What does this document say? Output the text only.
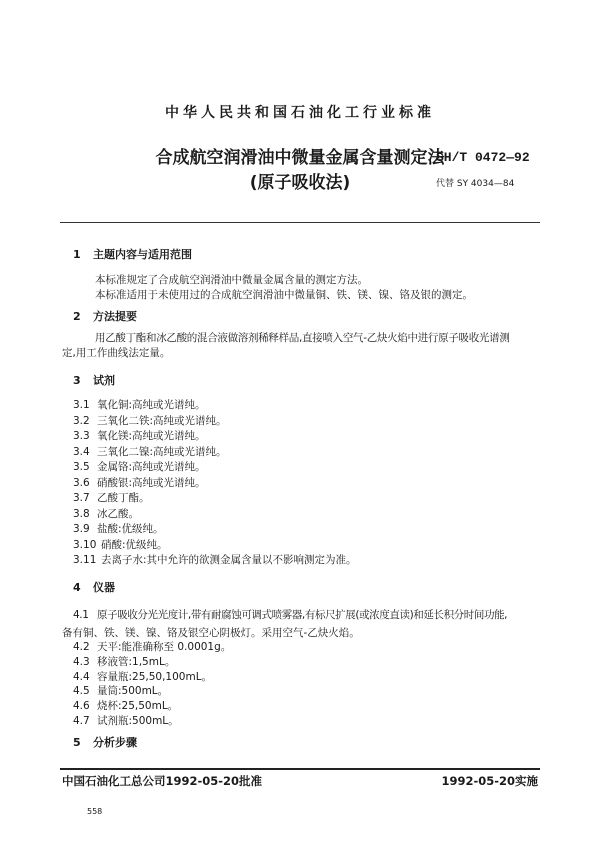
中华人民共和国石油化工行业标准
合成航空润滑油中微量金属含量测定法
(原子吸收法)
SH/T 0472—92
代替 SY 4034—84
1 主题内容与适用范围
本标准规定了合成航空润滑油中微量金属含量的测定方法。
本标准适用于未使用过的合成航空润滑油中微量铜、铁、镁、镍、铬及银的测定。
2 方法提要
用乙酸丁酯和冰乙酸的混合液做溶剂稀释样品,直接喷入空气-乙炔火焰中进行原子吸收光谱测
定,用工作曲线法定量。
3 试剂
3.1 氧化铜:高纯或光谱纯。
3.2 三氧化二铁:高纯或光谱纯。
3.3 氧化镁:高纯或光谱纯。
3.4 三氧化二镍:高纯或光谱纯。
3.5 金属铬:高纯或光谱纯。
3.6 硝酸银:高纯或光谱纯。
3.7 乙酸丁酯。
3.8 冰乙酸。
3.9 盐酸:优级纯。
3.10 硝酸:优级纯。
3.11 去离子水:其中允许的欲测金属含量以不影响测定为准。
4 仪器
4.1 原子吸收分光光度计,带有耐腐蚀可调式喷雾器,有标尺扩展(或浓度直读)和延长积分时间功能,
备有铜、铁、镁、镍、铬及银空心阴极灯。采用空气-乙炔火焰。
4.2 天平:能准确称至 0.0001g。
4.3 移液管:1,5mL。
4.4 容量瓶:25,50,100mL。
4.5 量筒:500mL。
4.6 烧杯:25,50mL。
4.7 试剂瓶:500mL。
5 分析步骤
中国石油化工总公司1992-05-20批准	1992-05-20实施
558
